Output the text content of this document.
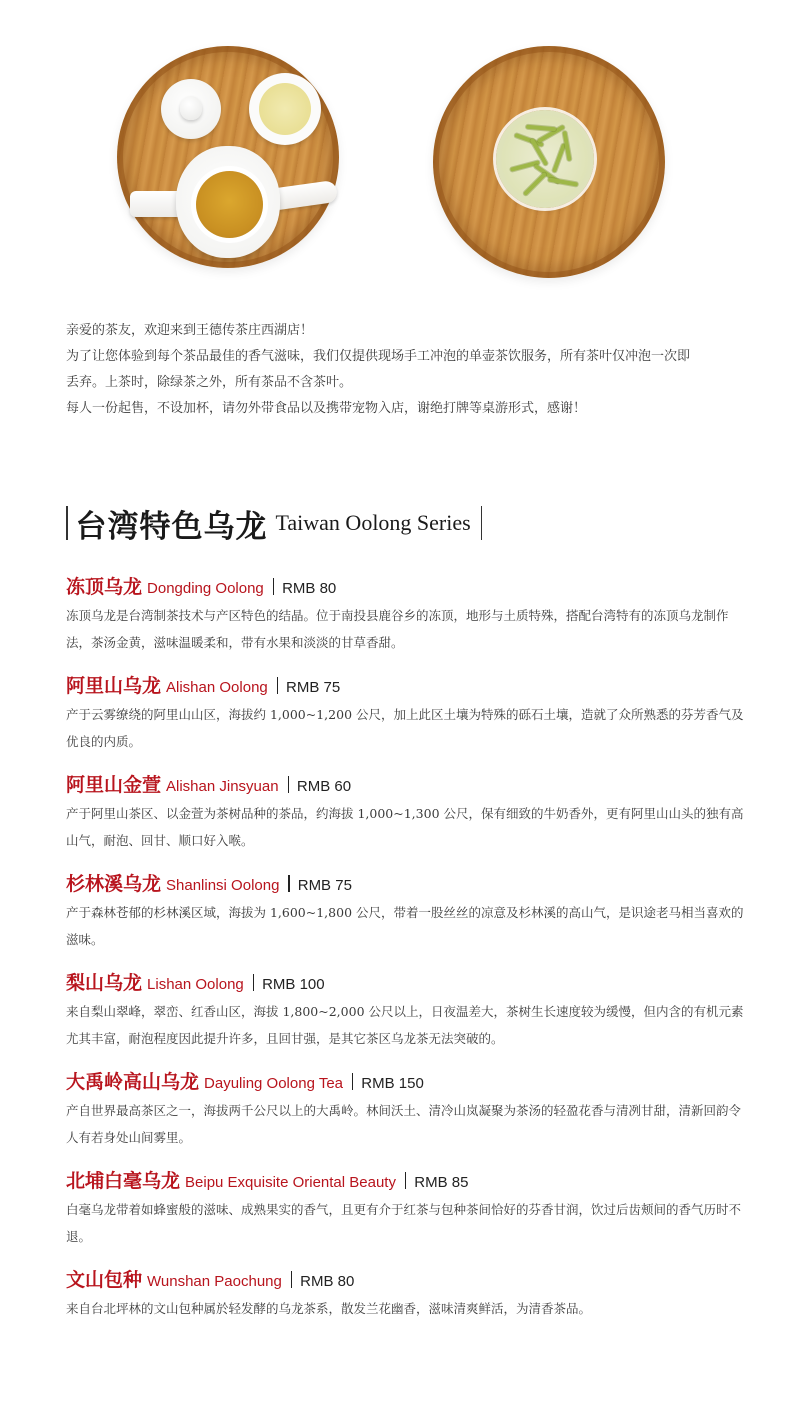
亲爱的茶友，欢迎来到王德传茶庄西湖店！

为了让您体验到每个茶品最佳的香气滋味，我们仅提供现场手工冲泡的单壶茶饮服务，所有茶叶仅冲泡一次即

丢弃。上茶时，除绿茶之外，所有茶品不含茶叶。

每人一份起售，不设加杯，请勿外带食品以及携带宠物入店，谢绝打牌等桌游形式，感谢！

台湾特色乌龙 Taiwan Oolong Series
冻顶乌龙 Dongding Oolong RMB 80

冻顶乌龙是台湾制茶技术与产区特色的结晶。位于南投县鹿谷乡的冻顶，地形与土质特殊，搭配台湾特有的冻顶乌龙制作法，茶汤金黄，滋味温暖柔和，带有水果和淡淡的甘草香甜。

阿里山乌龙 Alishan Oolong RMB 75

产于云雾缭绕的阿里山山区，海拔约 1,000~1,200 公尺，加上此区土壤为特殊的砾石土壤，造就了众所熟悉的芬芳香气及优良的内质。

阿里山金萱 Alishan Jinsyuan RMB 60

产于阿里山茶区、以金萱为茶树品种的茶品，约海拔 1,000~1,300 公尺，保有细致的牛奶香外，更有阿里山山头的独有高山气，耐泡、回甘、顺口好入喉。

杉林溪乌龙 Shanlinsi Oolong RMB 75

产于森林苍郁的杉林溪区域，海拔为 1,600~1,800 公尺，带着一股丝丝的凉意及杉林溪的高山气，是识途老马相当喜欢的滋味。

梨山乌龙 Lishan Oolong RMB 100

来自梨山翠峰，翠峦、红香山区，海拔 1,800~2,000 公尺以上，日夜温差大，茶树生长速度较为缓慢，但内含的有机元素尤其丰富，耐泡程度因此提升许多，且回甘强，是其它茶区乌龙茶无法突破的。

大禹岭高山乌龙 Dayuling Oolong Tea RMB 150

产自世界最高茶区之一，海拔两千公尺以上的大禹岭。林间沃土、清冷山岚凝聚为茶汤的轻盈花香与清冽甘甜，清新回韵令人有若身处山间雾里。

北埔白毫乌龙 Beipu Exquisite Oriental Beauty RMB 85

白毫乌龙带着如蜂蜜般的滋味、成熟果实的香气，且更有介于红茶与包种茶间恰好的芬香甘润，饮过后齿颊间的香气历时不退。

文山包种 Wunshan Paochung RMB 80

来自台北坪林的文山包种属於轻发酵的乌龙茶系，散发兰花幽香，滋味清爽鲜活，为清香茶品。
